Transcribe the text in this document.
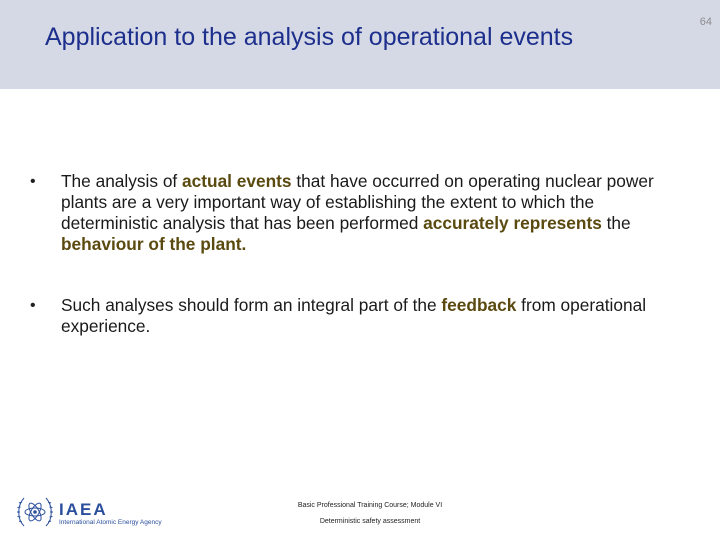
Application to the analysis of operational events
64
• The analysis of actual events that have occurred on operating nuclear power plants are a very important way of establishing the extent to which the deterministic analysis that has been performed accurately represents the behaviour of the plant.
• Such analyses should form an integral part of the feedback from operational experience.
IAEA
International Atomic Energy Agency
Basic Professional Training Course; Module VI
Deterministic safety assessment
